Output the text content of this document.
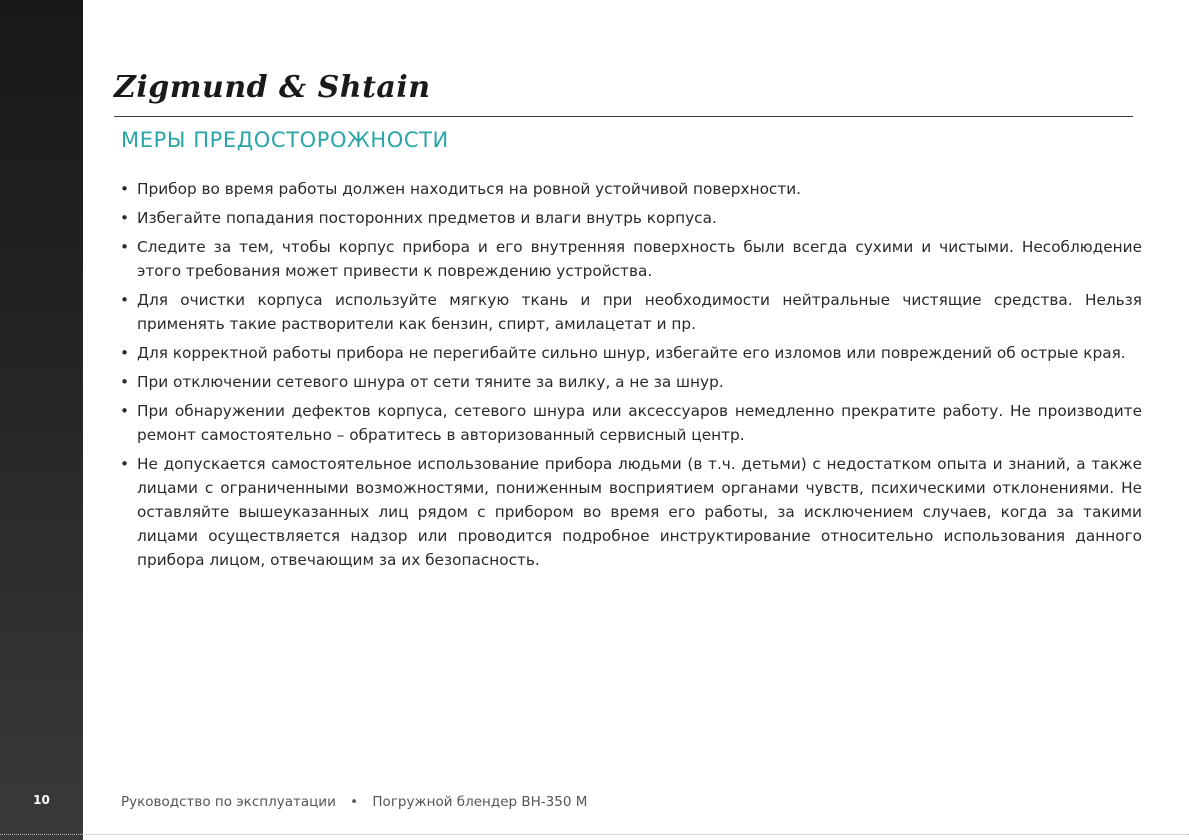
10
Zigmund & Shtain
МЕРЫ ПРЕДОСТОРОЖНОСТИ
• Прибор во время работы должен находиться на ровной устойчивой поверхности.
• Избегайте попадания посторонних предметов и влаги внутрь корпуса.
• Следите за тем, чтобы корпус прибора и его внутренняя поверхность были всегда сухими и чистыми. Несоблюдение этого требования может привести к повреждению устройства.
• Для очистки корпуса используйте мягкую ткань и при необходимости нейтральные чистящие средства. Нельзя применять такие растворители как бензин, спирт, амилацетат и пр.
• Для корректной работы прибора не перегибайте сильно шнур, избегайте его изломов или повреждений об острые края.
• При отключении сетевого шнура от сети тяните за вилку, а не за шнур.
• При обнаружении дефектов корпуса, сетевого шнура или аксессуаров немедленно прекратите работу. Не производите ремонт самостоятельно – обратитесь в авторизованный сервисный центр.
• Не допускается самостоятельное использование прибора людьми (в т.ч. детьми) с недостатком опыта и знаний, а также лицами с ограниченными возможностями, пониженным восприятием органами чувств, психическими отклонениями. Не оставляйте вышеуказанных лиц рядом с прибором во время его работы, за исключением случаев, когда за такими лицами осуществляется надзор или проводится подробное инструктирование относительно использования данного прибора лицом, отвечающим за их безопасность.
Руководство по эксплуатации • Погружной блендер BH-350 M
